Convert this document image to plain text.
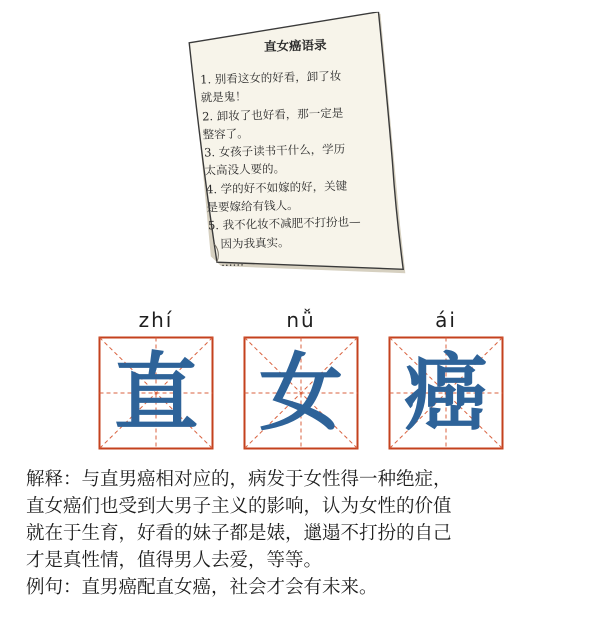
直女癌语录
1. 别看这女的好看，卸了妆
就是鬼！
2. 卸妆了也好看，那一定是
整容了。
3. 女孩子读书干什么，学历
太高没人要的。
4. 学的好不如嫁的好，关键
是要嫁给有钱人。
5. 我不化妆不减肥不打扮也—
因为我真实。
……
zhí	nǚ	ái
直 女 癌
解释：与直男癌相对应的，病发于女性得一种绝症，
直女癌们也受到大男子主义的影响，认为女性的价值
就在于生育，好看的妹子都是婊，邋遢不打扮的自己
才是真性情，值得男人去爱，等等。
例句：直男癌配直女癌，社会才会有未来。
